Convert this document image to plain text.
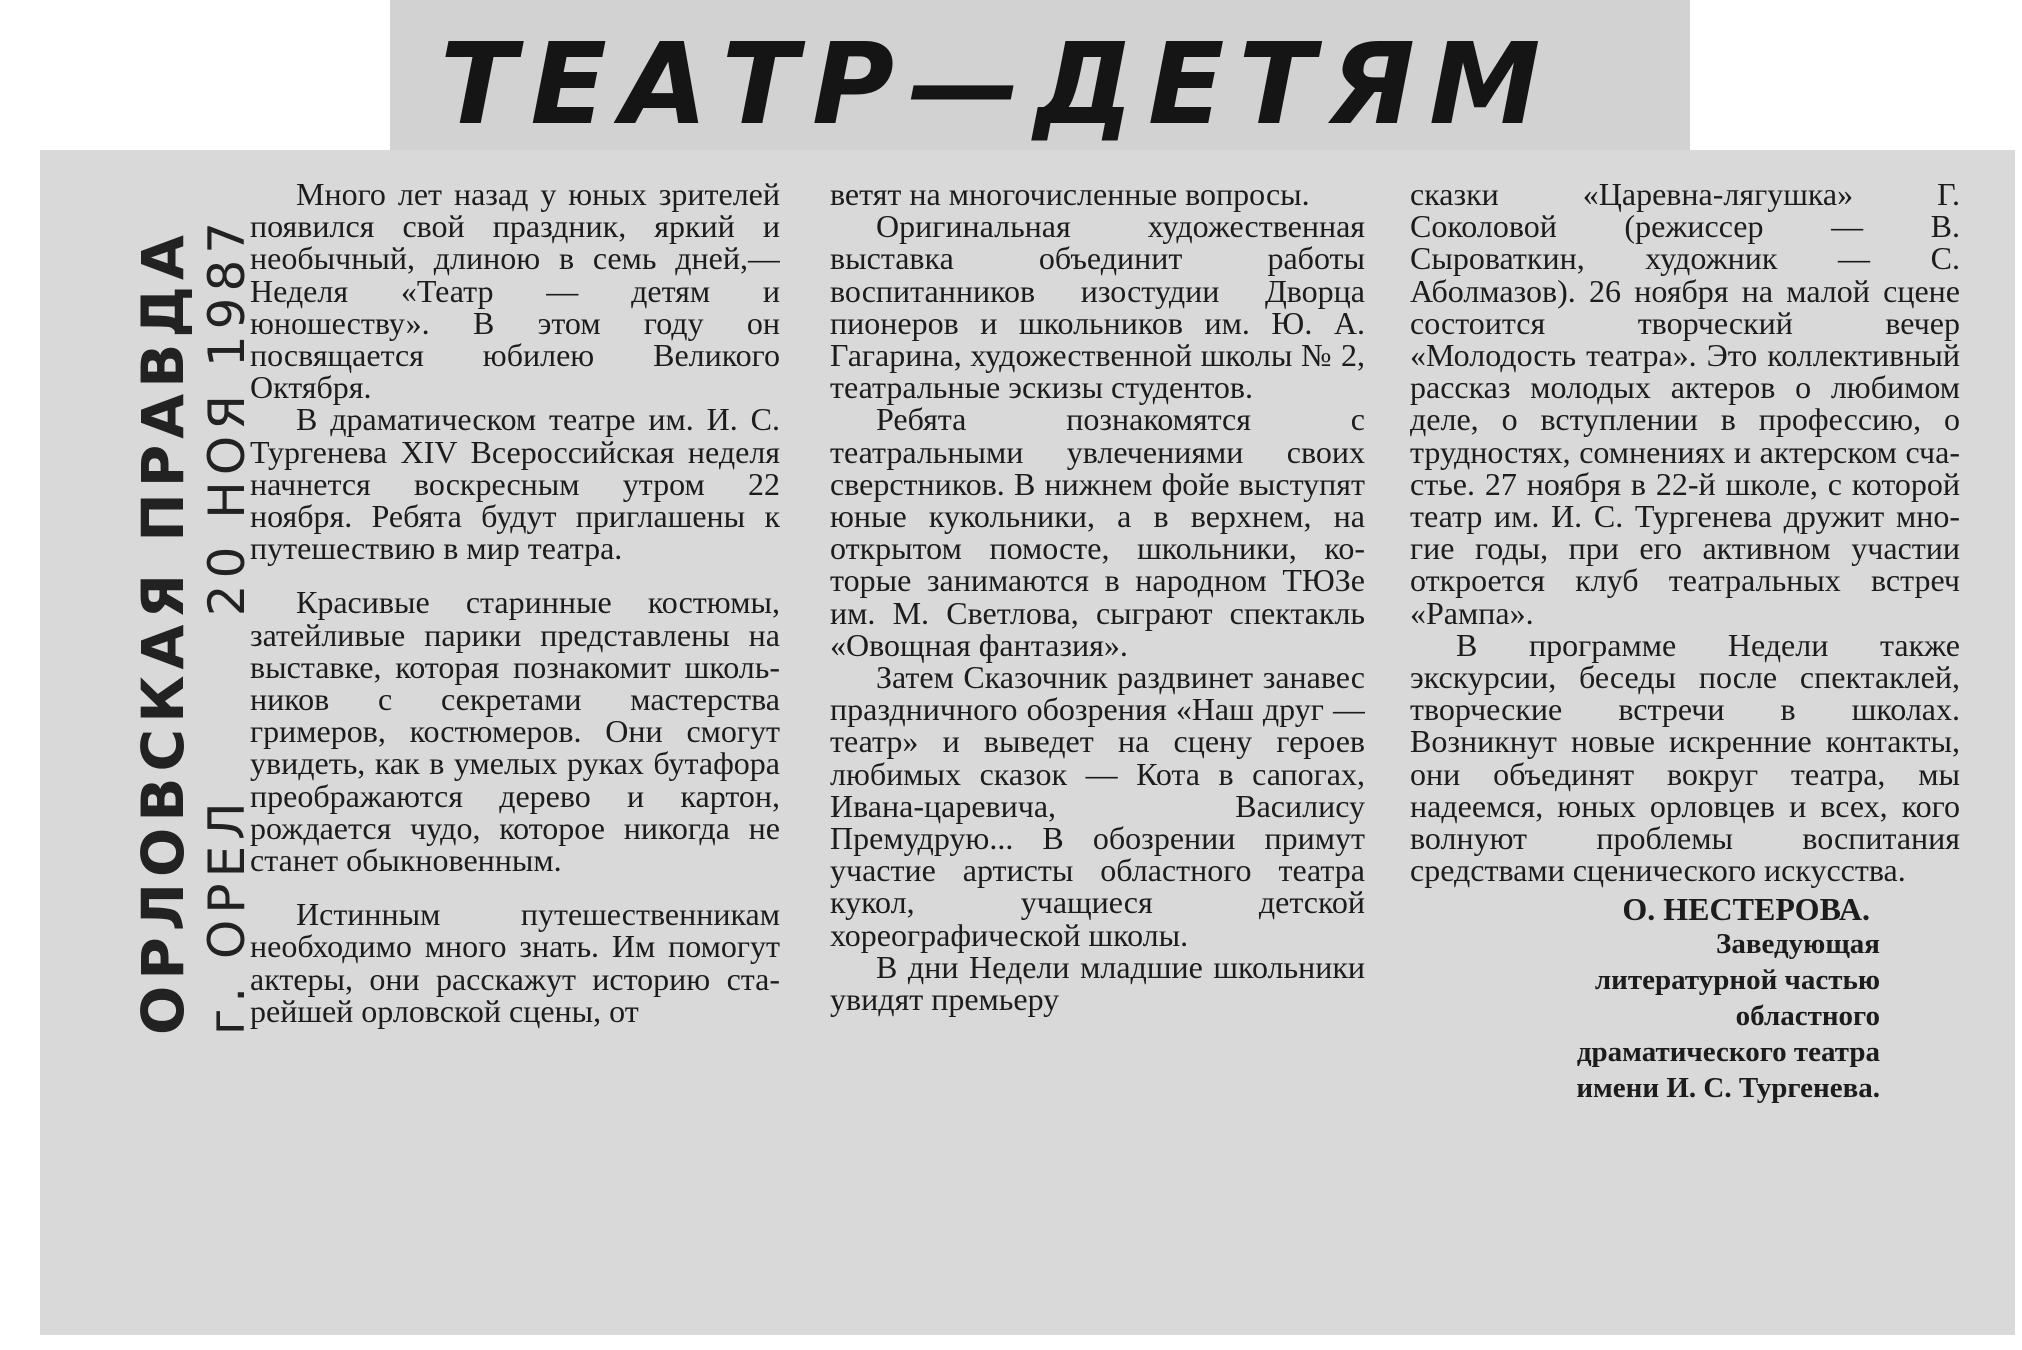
ТЕАТР—ДЕТЯМ
ОРЛОВСКАЯ ПРАВДА г. ОРЕЛ20 НОЯ 1987

Много лет назад у юных зрителей появился свой праздник, яркий и необычный, длиною в семь дней,— Неделя «Театр — детям и юношеству». В этом году он посвящается юбилею Великого Октября.

В драматическом театре им. И. С. Тургенева XIV Всероссийская неделя начнется воскресным утром 22 ноября. Ребята будут приглашены к путешествию в мир театра.

Красивые старинные костюмы, затейливые парики представлены на выставке, которая познакомит школьников с секретами мастерства гримеров, костюмеров. Они смогут увидеть, как в умелых руках бутафора преображаются дерево и картон, рождается чудо, которое никогда не станет обыкновенным.

Истинным путешественникам необходимо много знать. Им помогут актеры, они расскажут историю старейшей орловской сцены, от

ветят на многочисленные вопросы.

Оригинальная художественная выставка объединит работы воспитанников изостудии Дворца пионеров и школьников им. Ю. А. Гагарина, художественной школы № 2, театральные эскизы студентов.

Ребята познакомятся с театральными увлечениями своих сверстников. В нижнем фойе выступят юные кукольники, а в верхнем, на открытом помосте, школьники, которые занимаются в народном ТЮЗе им. М. Светлова, сыграют спектакль «Овощная фантазия».

Затем Сказочник раздвинет занавес праздничного обозрения «Наш друг — театр» и выведет на сцену героев любимых сказок — Кота в сапогах, Ивана-царевича, Василису Премудрую... В обозрении примут участие артисты областного театра кукол, учащиеся детской хореографической школы.

В дни Недели младшие школьники увидят премьеру

сказки «Царевна-лягушка» Г. Соколовой (режиссер — В. Сыроваткин, художник — С. Аболмазов). 26 ноября на малой сцене состоится творческий вечер «Молодость театра». Это коллективный рассказ молодых актеров о любимом деле, о вступлении в профессию, о трудностях, сомнениях и актерском счастье. 27 ноября в 22-й школе, с которой театр им. И. С. Тургенева дружит многие годы, при его активном участии откроется клуб театральных встреч «Рампа».

В программе Недели также экскурсии, беседы после спектаклей, творческие встречи в школах. Возникнут новые искренние контакты, они объединят вокруг театра, мы надеемся, юных орловцев и всех, кого волнуют проблемы воспитания средствами сценического искусства.

О. НЕСТЕРОВА.
Заведующая
литературной частью
областного
драматического театра
имени И. С. Тургенева.
